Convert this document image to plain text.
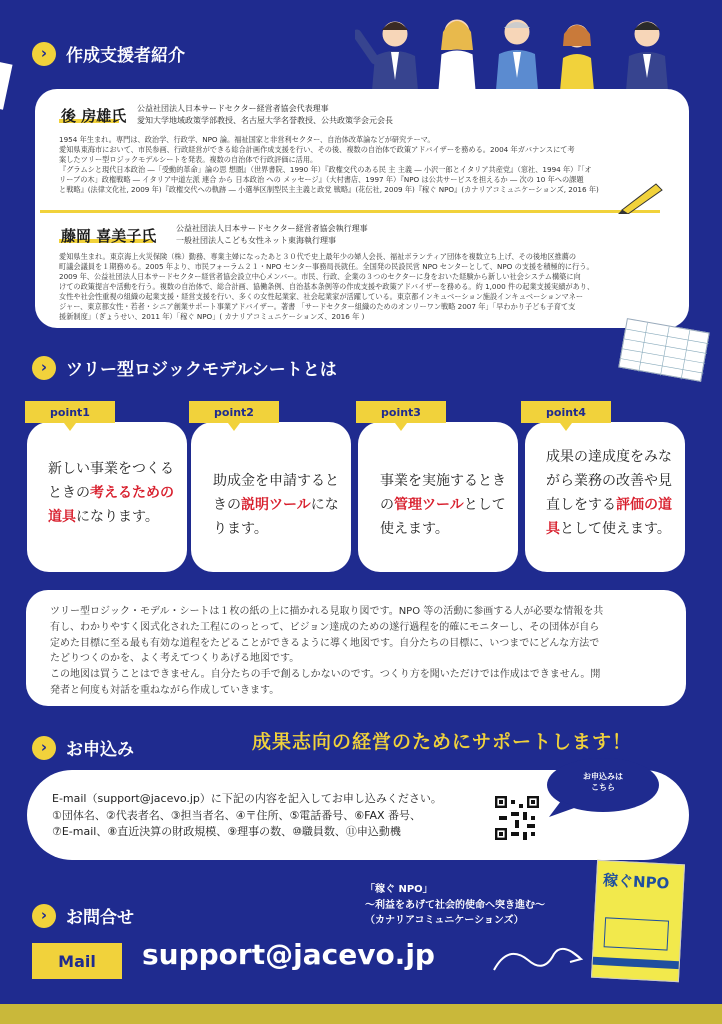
›	作成支援者紹介
後 房雄氏 公益社団法人日本サードセクター経営者協会代表理事
愛知大学地域政策学部教授、名古屋大学名誉教授、公共政策学会元会長
1954 年生まれ。専門は、政治学、行政学、NPO 論。福祉国家と非営利セクター、自治体改革論などが研究テーマ。
愛知県東海市において、市民参画、行政経営ができる総合計画作成支援を行い、その後、複数の自治体で政策アドバイザーを務める。2004 年ガバナンスにて考
案したツリー型ロジックモデルシートを発表。複数の自治体で行政評価に活用。
『グラムシと現代日本政治 ―「受動的革命」論の思 想圏』（世界書院、1990 年）『政権交代のある民 主 主義 ― 小沢一郎とイタリア共産党』（窓社、1994 年）『「オ
リーブの木」政権戦略 ― イタリア中道左派 連合 から 日本政治 への メッセージ』（大村書店、1997 年）『NPO は公共サービスを担えるか ― 次の 10 年への課題
と戦略』(法律文化社, 2009 年)『政権交代への軌跡 ― 小選挙区制型民主主義と政党 戦略』(花伝社, 2009 年)『稼ぐ NPO』(カナリアコミュニケーションズ, 2016 年)
藤岡 喜美子氏 公益社団法人日本サードセクター経営者協会執行理事
一般社団法人こども女性ネット東海執行理事
愛知県生まれ。東京海上火災保険（株）勤務、専業主婦になったあと３０代で史上最年少の婦人会長、福祉ボランティア団体を複数立ち上げ、その後地区推薦の
町議会議員を１期務める。2005 年より、市民フォーラム２１・NPO センター事務局長就任。全国発の民設民営 NPO センターとして、NPO の支援を積極的に行う。
2009 年、公益社団法人日本サードセクター経営者協会設立中心メンバー。市民、行政、企業の３つのセクターに身をおいた経験から新しい社会システム構築に向
けての政策提言や活動を行う。複数の自治体で、総合計画、協働条例、自治基本条例等の作成支援や政策アドバイザーを務める。約 1,000 件の起業支援実績があり、
女性や社会性重視の組織の起業支援・経営支援を行い、多くの女性起業家、社会起業家が活躍している。東京都インキュベーション施設インキュベーションマネー
ジャー、東京都女性・若者・シニア創業サポート事業アドバイザー。著書 「サードセクター組織のためのオンリーワン戦略 2007 年」「早わかり子ども子育て支
援新制度」（ぎょうせい、2011 年）「稼ぐ NPO」( カナリアコミュニケーションズ、2016 年 )
›	ツリー型ロジックモデルシートとは
point1
新しい事業をつくるときの考えるための道具になります。
point2
助成金を申請するときの説明ツールになります。
point3
事業を実施するときの管理ツールとして使えます。
point4
成果の達成度をみながら業務の改善や見直しをする評価の道具として使えます。
ツリー型ロジック・モデル・シートは１枚の紙の上に描かれる見取り図です。NPO 等の活動に参画する人が必要な情報を共
有し、わかりやすく図式化された工程にのっとって、ビジョン達成のための遂行過程を的確にモニターし、その団体が自ら
定めた目標に至る最も有効な道程をたどることができるように導く地図です。自分たちの目標に、いつまでにどんな方法で
たどりつくのかを、よく考えてつくりあげる地図です。
この地図は買うことはできません。自分たちの手で創るしかないのです。つくり方を聞いただけでは作成はできません。開
発者と何度も対話を重ねながら作成していきます。
›	お申込み	成果志向の経営のためにサポートします！
E-mail（support@jacevo.jp）に下記の内容を記入してお申し込みください。
①団体名、②代表者名、③担当者名、④〒住所、⑤電話番号、⑥FAX 番号、
⑦E-mail、⑧直近決算の財政規模、⑨理事の数、⑩職員数、⑪申込動機
お申込みは
こちら
›	お問合せ
「稼ぐ NPO」
～利益をあげて社会的使命へ突き進む～
（カナリアコミュニケーションズ）
稼ぐNPO
Mail	support@jacevo.jp
